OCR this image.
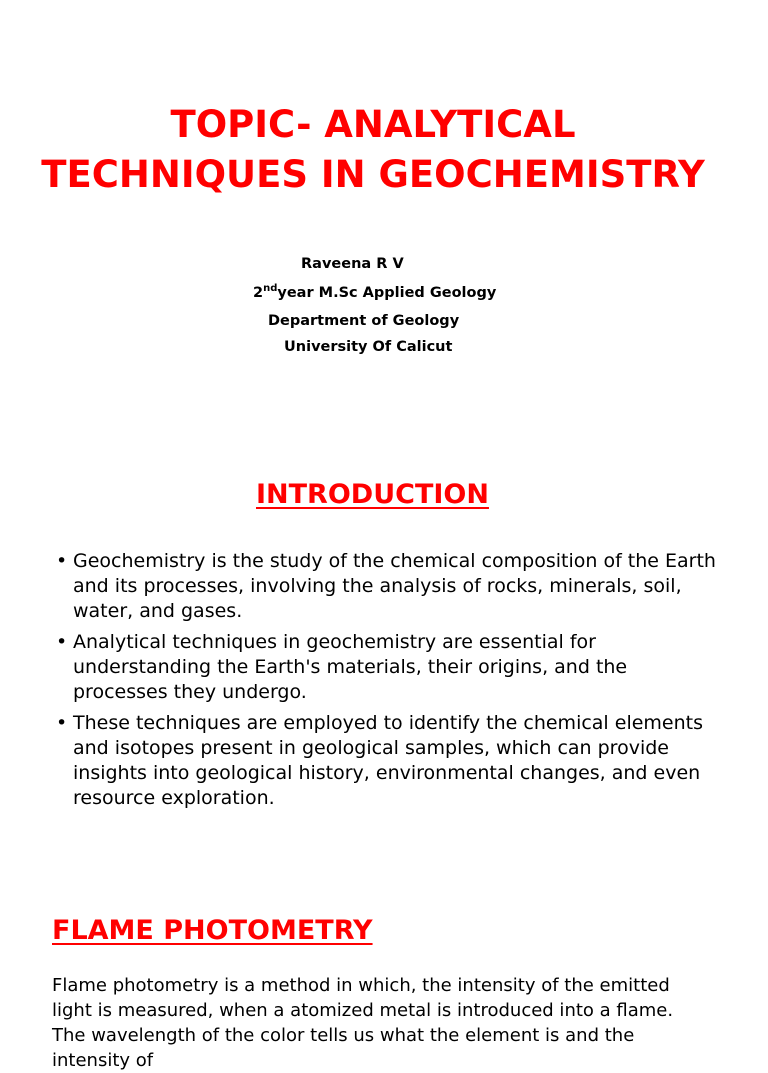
TOPIC- ANALYTICAL
TECHNIQUES IN GEOCHEMISTRY
Raveena R V
2ndyear M.Sc Applied Geology
Department of Geology
University Of Calicut
INTRODUCTION
• Geochemistry is the study of the chemical composition of the Earth and its processes, involving the analysis of rocks, minerals, soil, water, and gases.
• Analytical techniques in geochemistry are essential for understanding the Earth's materials, their origins, and the processes they undergo.
• These techniques are employed to identify the chemical elements and isotopes present in geological samples, which can provide insights into geological history, environmental changes, and even resource exploration.
FLAME PHOTOMETRY

Flame photometry is a method in which, the intensity of the emitted light is measured, when a atomized metal is introduced into a flame. The wavelength of the color tells us what the element is and the intensity of
